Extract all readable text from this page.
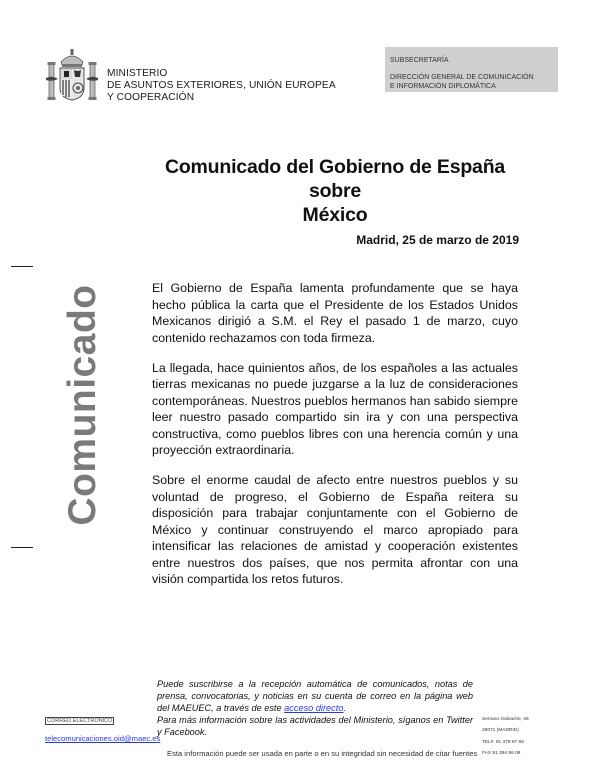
MINISTERIO
DE ASUNTOS EXTERIORES, UNIÓN EUROPEA
Y COOPERACIÓN
SUBSECRETARÍA
DIRECCIÓN GENERAL DE COMUNICACIÓN
E INFORMACIÓN DIPLOMÁTICA
Comunicado del Gobierno de España sobre
México
Madrid, 25 de marzo de 2019
Comunicado	El Gobierno de España lamenta profundamente que se haya hecho pública la carta que el Presidente de los Estados Unidos Mexicanos dirigió a S.M. el Rey el pasado 1 de marzo, cuyo contenido rechazamos con toda firmeza.

La llegada, hace quinientos años, de los españoles a las actuales tierras mexicanas no puede juzgarse a la luz de consideraciones contemporáneas. Nuestros pueblos hermanos han sabido siempre leer nuestro pasado compartido sin ira y con una perspectiva constructiva, como pueblos libres con una herencia común y una proyección extraordinaria.

Sobre el enorme caudal de afecto entre nuestros pueblos y su voluntad de progreso, el Gobierno de España reitera su disposición para trabajar conjuntamente con el Gobierno de México y continuar construyendo el marco apropiado para intensificar las relaciones de amistad y cooperación existentes entre nuestros dos países, que nos permita afrontar con una visión compartida los retos futuros.

Puede suscribirse a la recepción automática de comunicados, notas de prensa, convocatorias, y noticias en su cuenta de correo en la página web del MAEUEC, a través de este acceso directo.
Para más información sobre las actividades del Ministerio, síganos en Twitter y Facebook.
CORREO ELECTRÓNICO
telecomunicaciones.oid@maec.es
Serrano Galvache, 26
28071 (MADRID)
TELF. 91 379 97 56
FAX 91 394 86 08
Esta información puede ser usada en parte o en su integridad sin necesidad de citar fuentes
